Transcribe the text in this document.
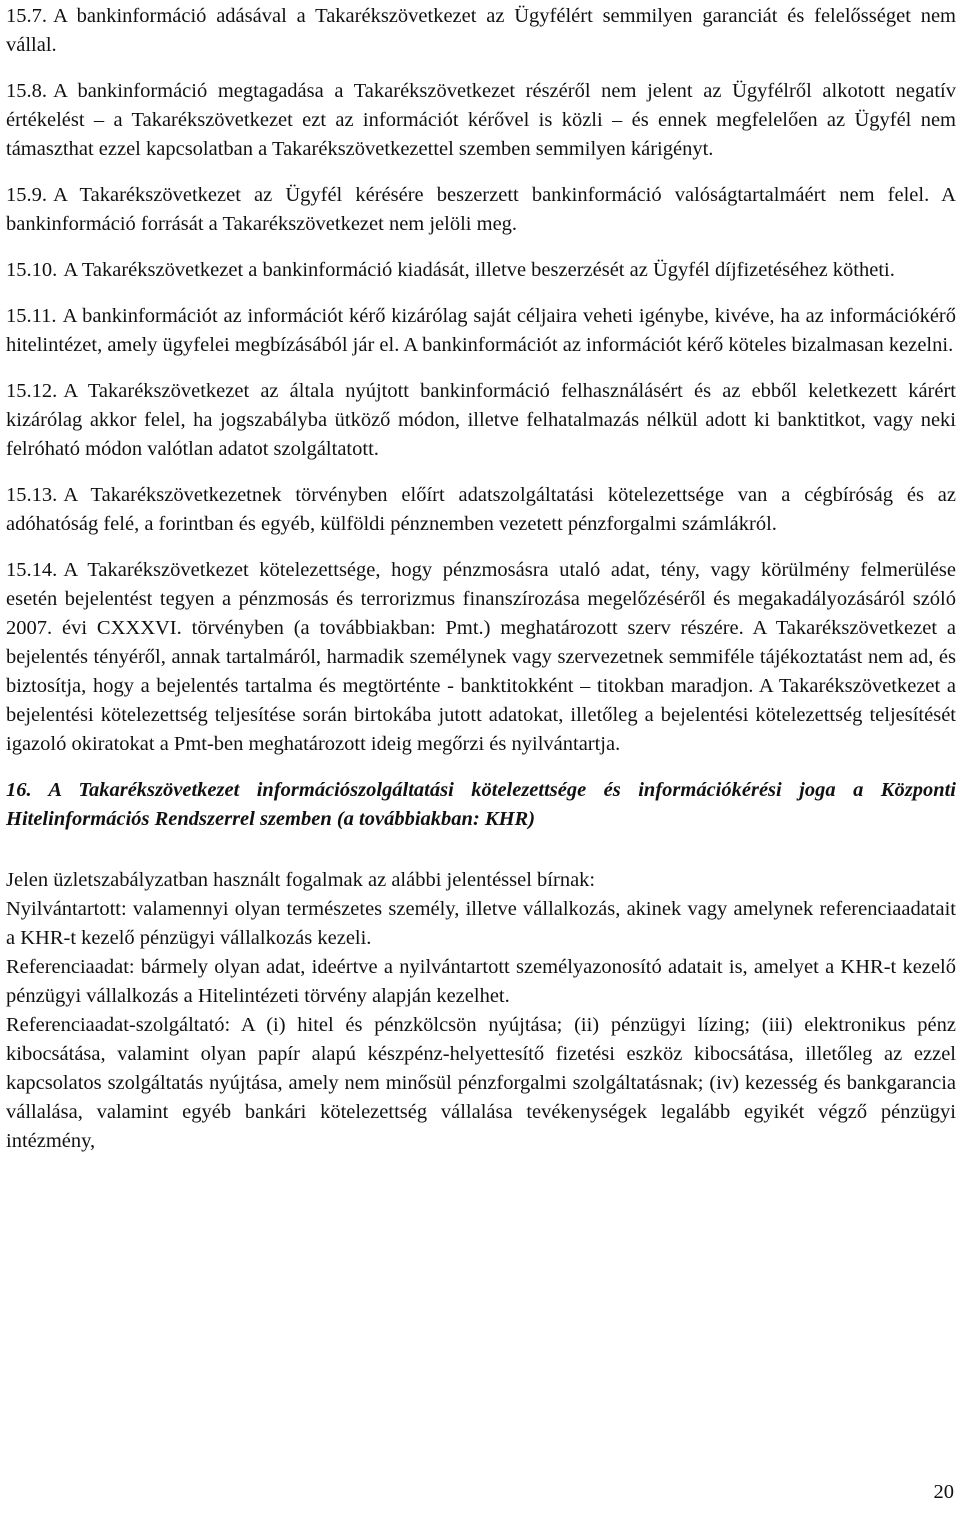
15.7. A bankinformáció adásával a Takarékszövetkezet az Ügyfélért semmilyen garanciát és felelősséget nem vállal.

15.8. A bankinformáció megtagadása a Takarékszövetkezet részéről nem jelent az Ügyfélről alkotott negatív értékelést – a Takarékszövetkezet ezt az információt kérővel is közli – és ennek megfelelően az Ügyfél nem támaszthat ezzel kapcsolatban a Takarékszövetkezettel szemben semmilyen kárigényt.

15.9. A Takarékszövetkezet az Ügyfél kérésére beszerzett bankinformáció valóságtartalmáért nem felel. A bankinformáció forrását a Takarékszövetkezet nem jelöli meg.

15.10. A Takarékszövetkezet a bankinformáció kiadását, illetve beszerzését az Ügyfél díjfizetéséhez kötheti.

15.11. A bankinformációt az információt kérő kizárólag saját céljaira veheti igénybe, kivéve, ha az információkérő hitelintézet, amely ügyfelei megbízásából jár el. A bankinformációt az információt kérő köteles bizalmasan kezelni.

15.12. A Takarékszövetkezet az általa nyújtott bankinformáció felhasználásért és az ebből keletkezett kárért kizárólag akkor felel, ha jogszabályba ütköző módon, illetve felhatalmazás nélkül adott ki banktitkot, vagy neki felróható módon valótlan adatot szolgáltatott.

15.13. A Takarékszövetkezetnek törvényben előírt adatszolgáltatási kötelezettsége van a cégbíróság és az adóhatóság felé, a forintban és egyéb, külföldi pénznemben vezetett pénzforgalmi számlákról.

15.14. A Takarékszövetkezet kötelezettsége, hogy pénzmosásra utaló adat, tény, vagy körülmény felmerülése esetén bejelentést tegyen a pénzmosás és terrorizmus finanszírozása megelőzéséről és megakadályozásáról szóló 2007. évi CXXXVI. törvényben (a továbbiakban: Pmt.) meghatározott szerv részére. A Takarékszövetkezet a bejelentés tényéről, annak tartalmáról, harmadik személynek vagy szervezetnek semmiféle tájékoztatást nem ad, és biztosítja, hogy a bejelentés tartalma és megtörténte - banktitokként – titokban maradjon. A Takarékszövetkezet a bejelentési kötelezettség teljesítése során birtokába jutott adatokat, illetőleg a bejelentési kötelezettség teljesítését igazoló okiratokat a Pmt-ben meghatározott ideig megőrzi és nyilvántartja.

16. A Takarékszövetkezet információszolgáltatási kötelezettsége és információkérési joga a Központi Hitelinformációs Rendszerrel szemben (a továbbiakban: KHR)

Jelen üzletszabályzatban használt fogalmak az alábbi jelentéssel bírnak:

Nyilvántartott: valamennyi olyan természetes személy, illetve vállalkozás, akinek vagy amelynek referenciaadatait a KHR-t kezelő pénzügyi vállalkozás kezeli.

Referenciaadat: bármely olyan adat, ideértve a nyilvántartott személyazonosító adatait is, amelyet a KHR-t kezelő pénzügyi vállalkozás a Hitelintézeti törvény alapján kezelhet.

Referenciaadat-szolgáltató: A (i) hitel és pénzkölcsön nyújtása; (ii) pénzügyi lízing; (iii) elektronikus pénz kibocsátása, valamint olyan papír alapú készpénz-helyettesítő fizetési eszköz kibocsátása, illetőleg az ezzel kapcsolatos szolgáltatás nyújtása, amely nem minősül pénzforgalmi szolgáltatásnak; (iv) kezesség és bankgarancia vállalása, valamint egyéb bankári kötelezettség vállalása tevékenységek legalább egyikét végző pénzügyi intézmény,

20
